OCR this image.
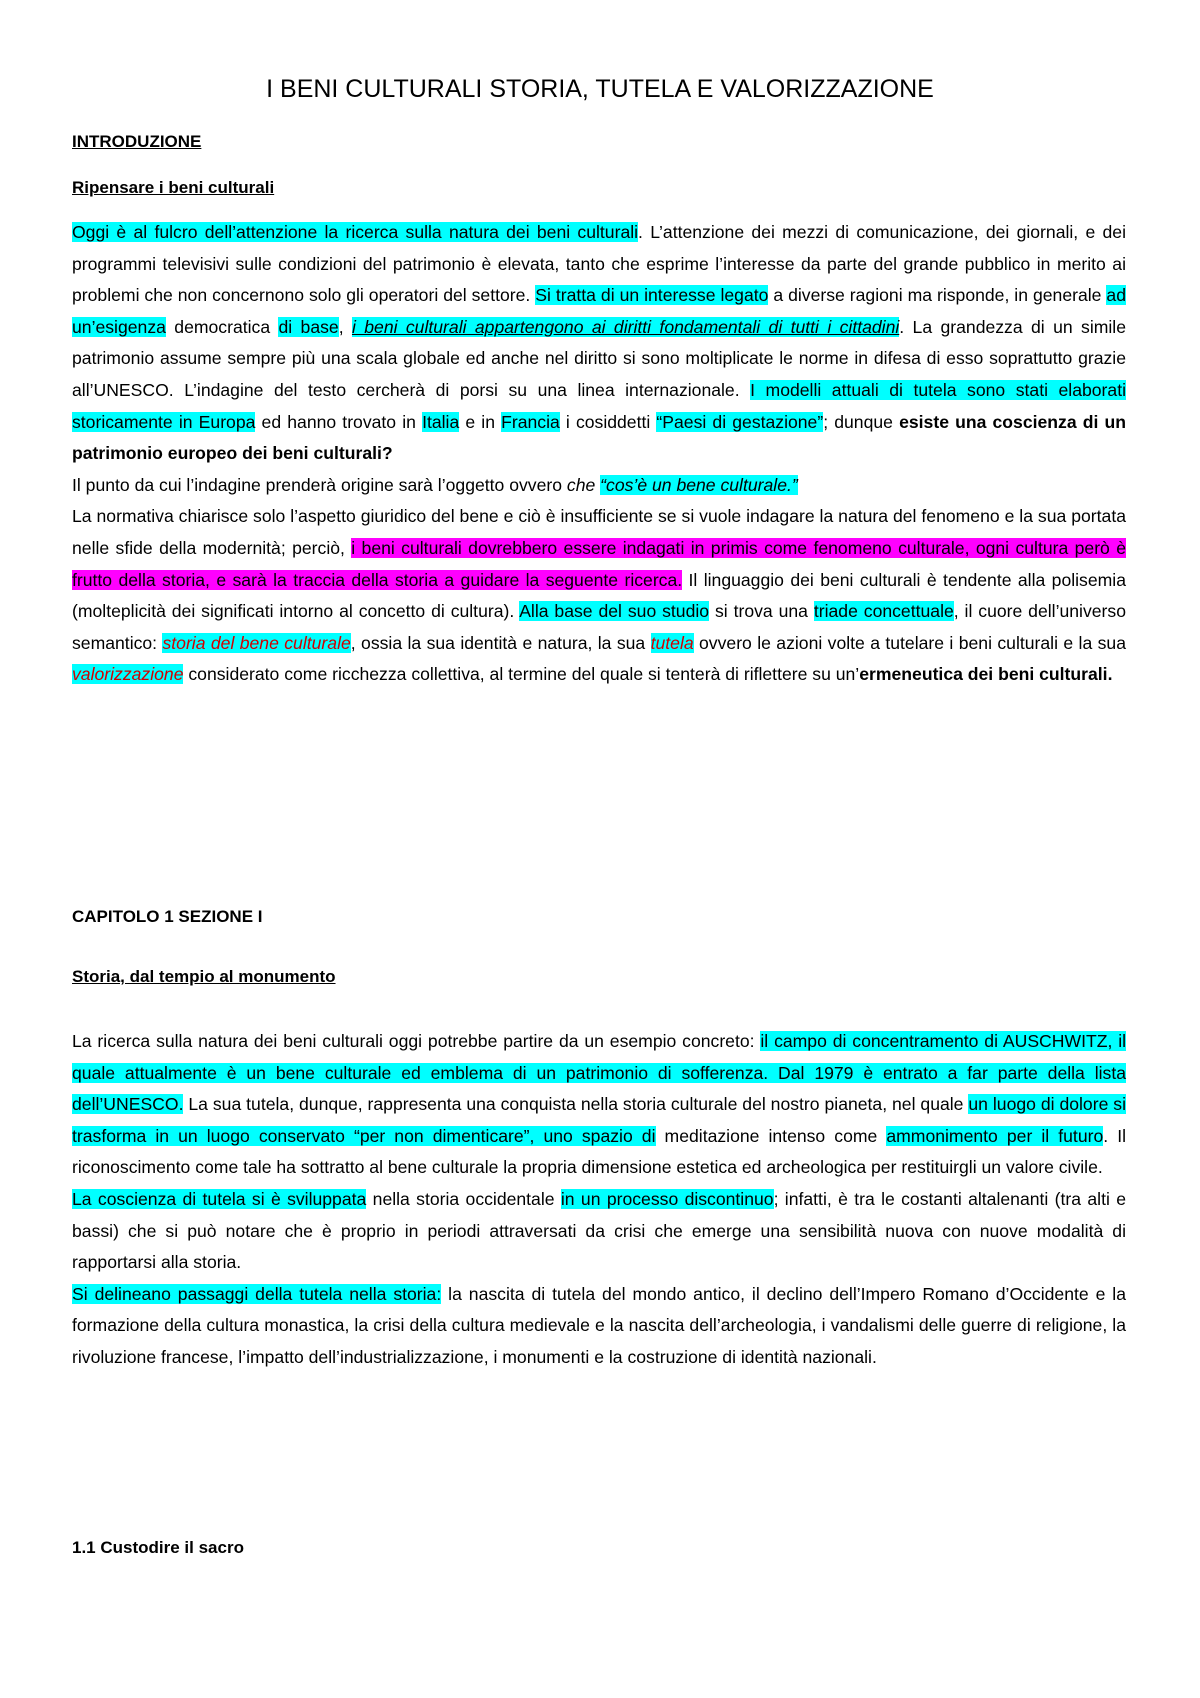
I BENI CULTURALI STORIA, TUTELA E VALORIZZAZIONE
INTRODUZIONE
Ripensare i beni culturali

Oggi è al fulcro dell’attenzione la ricerca sulla natura dei beni culturali. L’attenzione dei mezzi di comunicazione, dei giornali, e dei programmi televisivi sulle condizioni del patrimonio è elevata, tanto che esprime l’interesse da parte del grande pubblico in merito ai problemi che non concernono solo gli operatori del settore. Si tratta di un interesse legato a diverse ragioni ma risponde, in generale ad un’esigenza democratica di base, i beni culturali appartengono ai diritti fondamentali di tutti i cittadini. La grandezza di un simile patrimonio assume sempre più una scala globale ed anche nel diritto si sono moltiplicate le norme in difesa di esso soprattutto grazie all’UNESCO. L’indagine del testo cercherà di porsi su una linea internazionale. I modelli attuali di tutela sono stati elaborati storicamente in Europa ed hanno trovato in Italia e in Francia i cosiddetti “Paesi di gestazione”; dunque esiste una coscienza di un patrimonio europeo dei beni culturali?

Il punto da cui l’indagine prenderà origine sarà l’oggetto ovvero che “cos’è un bene culturale.”

La normativa chiarisce solo l’aspetto giuridico del bene e ciò è insufficiente se si vuole indagare la natura del fenomeno e la sua portata nelle sfide della modernità; perciò, i beni culturali dovrebbero essere indagati in primis come fenomeno culturale, ogni cultura però è frutto della storia, e sarà la traccia della storia a guidare la seguente ricerca. Il linguaggio dei beni culturali è tendente alla polisemia (molteplicità dei significati intorno al concetto di cultura). Alla base del suo studio si trova una triade concettuale, il cuore dell’universo semantico: storia del bene culturale, ossia la sua identità e natura, la sua tutela ovvero le azioni volte a tutelare i beni culturali e la sua valorizzazione considerato come ricchezza collettiva, al termine del quale si tenterà di riflettere su un’ermeneutica dei beni culturali.

CAPITOLO 1 SEZIONE I
Storia, dal tempio al monumento

La ricerca sulla natura dei beni culturali oggi potrebbe partire da un esempio concreto: il campo di concentramento di AUSCHWITZ, il quale attualmente è un bene culturale ed emblema di un patrimonio di sofferenza. Dal 1979 è entrato a far parte della lista dell’UNESCO. La sua tutela, dunque, rappresenta una conquista nella storia culturale del nostro pianeta, nel quale un luogo di dolore si trasforma in un luogo conservato “per non dimenticare”, uno spazio di meditazione intenso come ammonimento per il futuro. Il riconoscimento come tale ha sottratto al bene culturale la propria dimensione estetica ed archeologica per restituirgli un valore civile.

La coscienza di tutela si è sviluppata nella storia occidentale in un processo discontinuo; infatti, è tra le costanti altalenanti (tra alti e bassi) che si può notare che è proprio in periodi attraversati da crisi che emerge una sensibilità nuova con nuove modalità di rapportarsi alla storia.

Si delineano passaggi della tutela nella storia: la nascita di tutela del mondo antico, il declino dell’Impero Romano d’Occidente e la formazione della cultura monastica, la crisi della cultura medievale e la nascita dell’archeologia, i vandalismi delle guerre di religione, la rivoluzione francese, l’impatto dell’industrializzazione, i monumenti e la costruzione di identità nazionali.

1.1 Custodire il sacro
